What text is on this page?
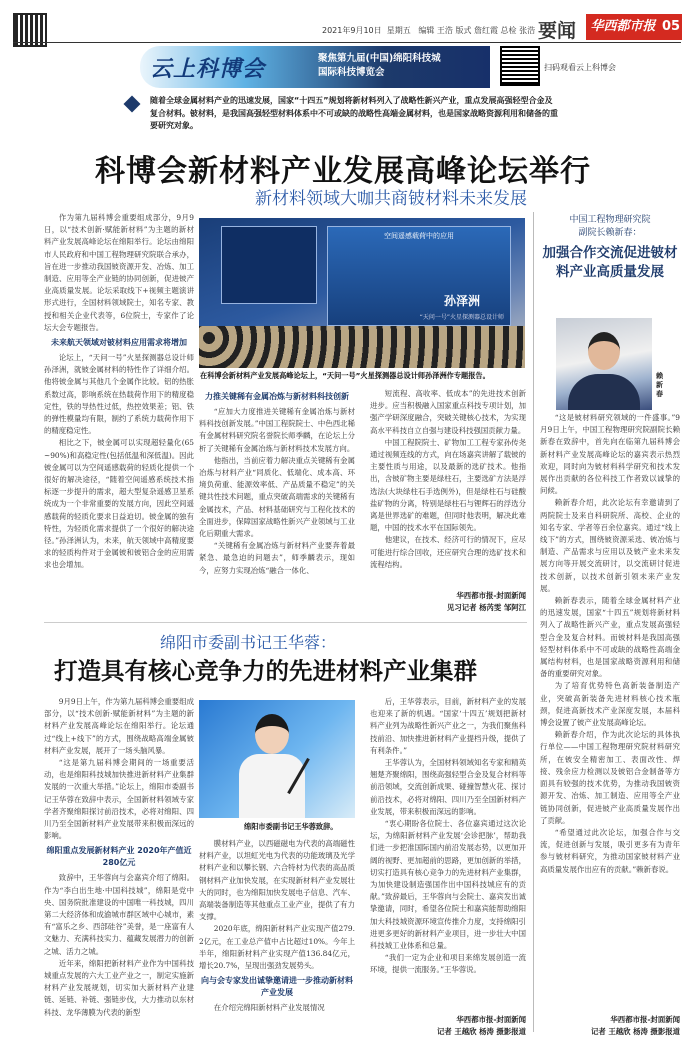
2021年9月10日 星期五 编辑 王浩 版式 詹红霞 总检 张浩 要闻	华西都市报 05
云上科博会	聚焦第九届(中国)绵阳科技城
国际科技博览会	扫码观看云上科博会
随着全球金属材料产业的迅速发展，国家“十四五”规划将新材料列入了战略性新兴产业，重点发展高强轻型合金及复合材料。铍材料，是我国高强轻型材料体系中不可或缺的战略性高端金属材料，也是国家战略资源利用和储备的重要研究对象。
科博会新材料产业发展高峰论坛举行
新材料领域大咖共商铍材料未来发展

作为第九届科博会重要组成部分，9月9日，以“技术创新·赋能新材料”为主题的新材料产业发展高峰论坛在绵阳举行。论坛由绵阳市人民政府和中国工程物理研究院联合承办，旨在进一步推动我国铍资源开发、冶炼、加工制造、应用等全产业链的协同创新，促进铍产业高质量发展。论坛采取线下+视频主题演讲形式进行，全国材料领域院士，知名专家、教授和相关企业代表等，6位院士，专家作了论坛大会专题报告。

未来航天领域对铍材料应用需求将增加

论坛上，“天问一号”火星探测器总设计师孙泽洲，就铍金属材料的特性作了详细介绍。他将铍金属与其他几个金属作比较。铝的热胀系数过高，影响系统在热载荷作用下的精度稳定性，铁的导热性过低，热控效果差；铝、铁的弹性模量均有限，制约了系统力载荷作用下的精度稳定性。

相比之下，铍金属可以实现超轻量化(65~90%)和高稳定性(包括低温和深低温)。因此铍金属可以为空间遥感载荷的轻质化提供一个很好的解决途径，“随着空间遥感系统技术指标逐一步提升的需求，超大型复杂遥感卫星系统成为一个非常重要的发展方向，因此空间遥感载荷的轻质化要求日益迫切。铍金属的独有特性，为轻质化需求提供了一个很好的解决途径。”孙泽洲认为，未来，航天领域中高精度要求的轻质构件对于金属铍和铍铝合金的应用需求也会增加。

空间遥感载荷中的应用
孙泽洲
“天问一号”火星探测器总设计师
在科博会新材料产业发展高峰论坛上，“天问一号”火星探测器总设计师孙泽洲作专题报告。
力推关键稀有金属冶炼与新材料科技创新

“应加大力度推进关键稀有金属冶炼与新材料科技创新发展。”中国工程院院士、中色西北稀有金属材料研究院名誉院长师季麟，在论坛上分析了关键稀有金属冶炼与新材料技术发展方向。

他指出，当前应着力解决重点关键稀有金属冶炼与材料产业“同质化、低端化、成本高、环境负荷重、能源效率低、产品质量不稳定”的关键共性技术问题，重点突破高端需求的关键稀有金属技术，产品、材料基础研究与工程化技术的全面进步，保障国家战略性新兴产业领域与工业化后期重大需求。

“关键稀有金属冶炼与新材料产业要奔着最紧急、最急迫的问题去”，师季麟表示，现如今，应努力实现冶炼“融合一体化、

短流程、高收率、低成本”的先进技术创新进步。应当积极融入国家重点科技专项计划，加强产学研深度融合，突破关键核心技术，为实现高水平科技自立自强与建设科技强国贡献力量。

中国工程院院士、矿物加工工程专家孙传尧通过视频连线的方式，向在场嘉宾讲解了载铍的主要性质与用途，以及最新的选矿技术。他指出，含铍矿物主要是绿柱石，主要选矿方法是浮选法(大块绿柱石手选例外)，但是绿柱石与硅酸盐矿物的分离，特别是绿柱石与锂辉石的浮选分离是世界选矿的难题，但同时他表明，解决此难题，中国的技术水平在国际领先。

他建议，在技术、经济可行的情况下，应尽可能进行综合回收，还应研究合理的选矿技术和流程结构。

华西都市报-封面新闻
见习记者 杨芮雯 邹阿江
中国工程物理研究院
副院长赖新春：
加强合作交流促进铍材料产业高质量发展
赖新春

“这是铍材料研究领域的一件盛事。”9月9日上午，中国工程物理研究院副院长赖新春在致辞中，首先向在临第九届科博会新材料产业发展高峰论坛的嘉宾表示热烈欢迎，同时向为铍材料科学研究和技术发展作出贡献的各位科技工作者致以诚挚的问候。

赖新春介绍，此次论坛有幸邀请到了两院院士及来自科研院所、高校、企业的知名专家、学者等百余位嘉宾。通过“线上线下”的方式，围绕铍资源采选、铍冶炼与制造、产品需求与应用以及铍产业未来发展方向等开展交流研讨，以交流研讨促进技术创新，以技术创新引领未来产业发展。

赖新春表示，随着全球金属材料产业的迅速发展，国家“十四五”规划将新材料列入了战略性新兴产业，重点发展高强轻型合金及复合材料。而铍材料是我国高强轻型材料体系中不可或缺的战略性高端金属结构材料，也是国家战略资源利用和储备的重要研究对象。

为了培育优势特色高新装备制造产业，突破高新装备先进材料核心技术瓶颈，促进高新技术产业深度发展，本届科博会设置了铍产业发展高峰论坛。

赖新春介绍，作为此次论坛的具体执行单位——中国工程物理研究院材料研究所，在铍安全精密加工、表面改性、焊接、残余应力检测以及铍铝合金制备等方面具有较强的技术优势，为推动我国铍资源开发、冶炼、加工制造、应用等全产业链协同创新，促进铍产业高质量发展作出了贡献。

“希望通过此次论坛，加强合作与交流，促进创新与发展，吸引更多有为青年参与铍材料研究，为推动国家铍材料产业高质量发展作出应有的贡献。”赖新春说。

华西都市报-封面新闻
记者 王越欣 杨涛 摄影报道
绵阳市委副书记王华蓉：
打造具有核心竞争力的先进材料产业集群

9月9日上午，作为第九届科博会重要组成部分，以“技术创新·赋能新材料”为主题的新材料产业发展高峰论坛在绵阳举行。论坛通过“线上+线下”的方式，围绕战略高端金属铍材料产业发展，展开了一场头脑风暴。

“这是第九届科博会期间的一场重要活动，也是绵阳科技城加快推进新材料产业集群发展的一次重大举措。”论坛上，绵阳市委副书记王华蓉在致辞中表示，全国新材料领域专家学者齐聚绵阳探讨前沿技术，必将对绵阳、四川乃至全国新材料产业发展带来积极而深远的影响。

绵阳重点发展新材料产业 2020年产值近280亿元

致辞中，王华蓉向与会嘉宾介绍了绵阳。作为“李白出生地·中国科技城”，绵阳是党中央、国务院批准建设的中国唯一科技城，四川第二大经济体和成渝城市群区域中心城市，素有“富乐之乡、西部硅谷”美誉，是一座富有人文魅力、充满科技实力、蕴藏发展潜力的创新之城、活力之城。

近年来，绵阳把新材料产业作为中国科技城重点发展的六大工业产业之一，制定实施新材料产业发展规划，切实加大新材料产业建链、延链、补链、强链步伐，大力推动以东材科技、龙华薄膜为代表的新型

绵阳市委副书记王华蓉致辞。

膜材料产业，以西磁磁电为代表的高端磁性材料产业，以坦虹光电为代表的功能玻璃及光学材料产业和以攀长钢、六合特材为代表的高品质钢材料产业加快发展，在实现新材料产业发展壮大的同时，也为绵阳加快发展电子信息、汽车、高端装备制造等其他重点工业产业，提供了有力支撑。

2020年底，绵阳新材料产业实现产值279.2亿元，在工业总产值中占比超过10%。今年上半年，绵阳新材料产业实现产值136.84亿元，增长20.7%，呈现出强劲发展势头。

向与会专家发出诚挚邀请进一步推动新材料产业发展

在介绍完绵阳新材料产业发展情况

后，王华蓉表示，目前，新材料产业的发展也迎来了新的机遇。“国家‘十四五’规划把新材料产业列为战略性新兴产业之一，为我们聚焦科技前沿、加快推进新材料产业提档升级，提供了有利条件。”

王华蓉认为，全国材料领域知名专家和精英翘楚齐聚绵阳，围绕高强轻型合金及复合材料等前沿领域，交流创新成果、碰撞智慧火花、探讨前沿技术，必将对绵阳、四川乃至全国新材料产业发展，带来积极而深远的影响。

“衷心期盼各位院士、各位嘉宾通过这次论坛，为绵阳新材料产业发展‘会诊把脉’，帮助我们进一步把准国际国内前沿发展态势，以更加开阔的视野、更加超前的思路，更加创新的举措，切实打造具有核心竞争力的先进材料产业集群，为加快建设制造强国作出中国科技城应有的贡献。”致辞最后，王华蓉向与会院士、嘉宾发出诚挚邀请，同时，希望各位院士和嘉宾能帮助绵阳加大科技城资源环境宣传推介力度，支持绵阳引进更多更好的新材料产业项目，进一步壮大中国科技城工业体系和总量。

“我们一定为企业和项目来绵发展创造一流环境，提供一流服务。”王华蓉说。

华西都市报-封面新闻
记者 王越欣 杨涛 摄影报道
